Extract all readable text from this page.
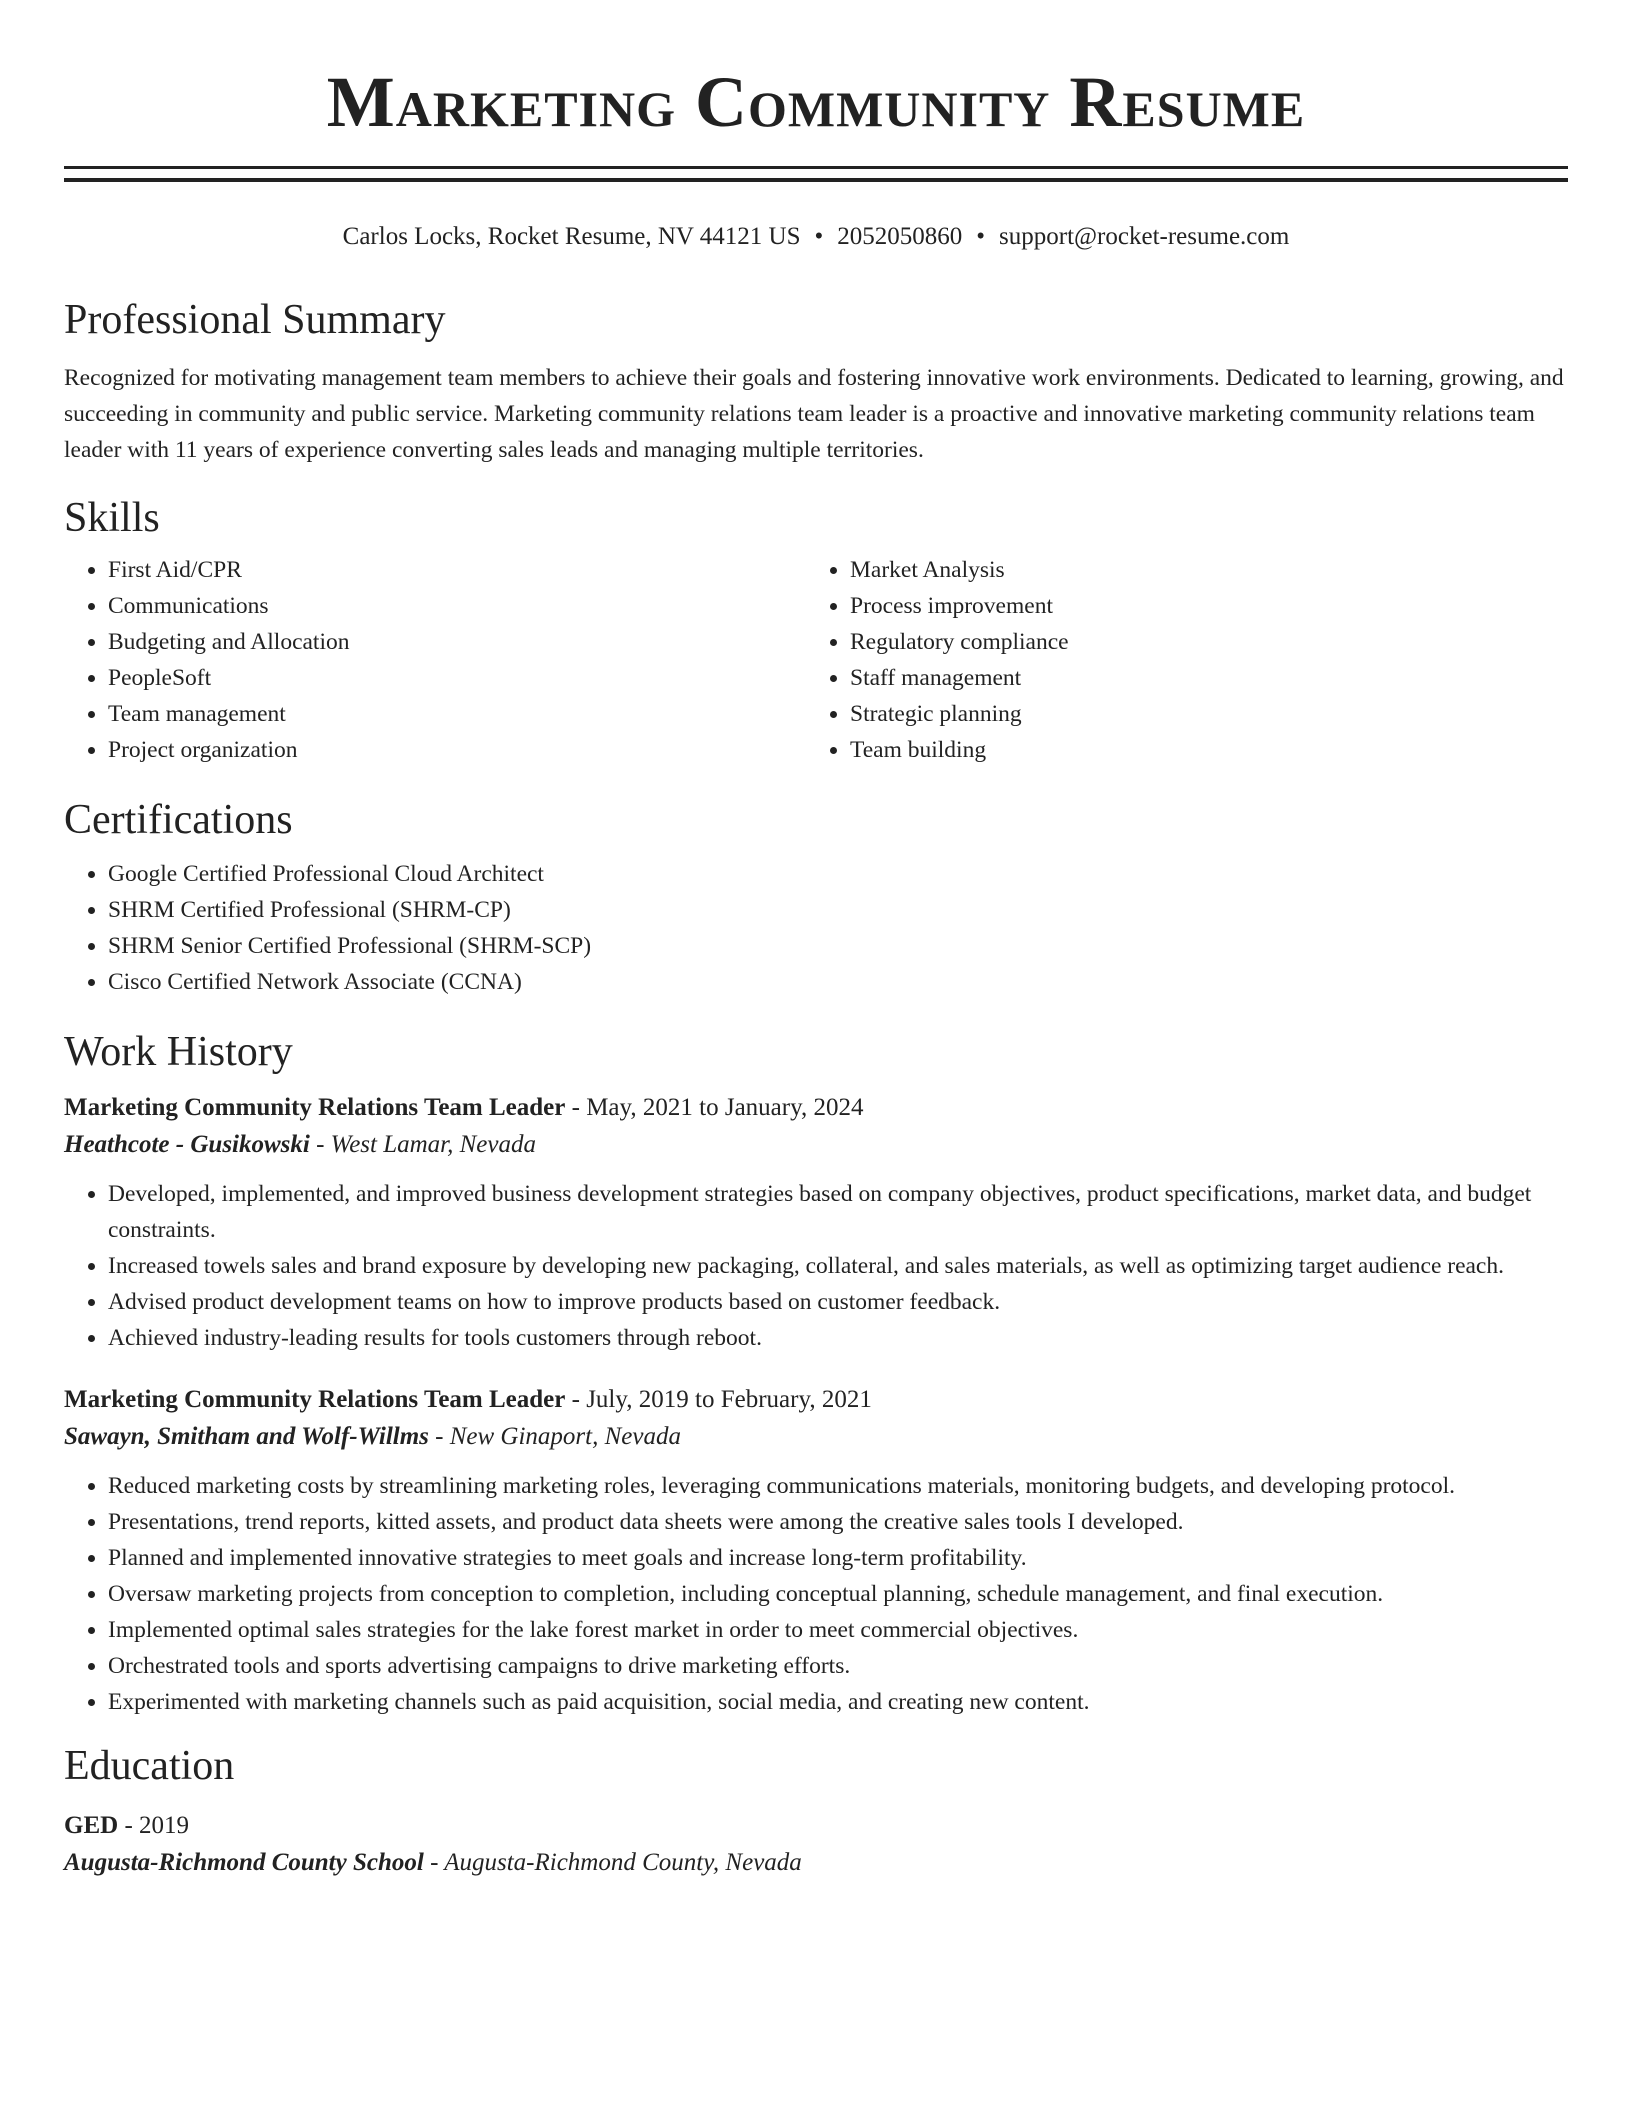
Marketing Community Resume
Carlos Locks, Rocket Resume, NV 44121 US • 2052050860 • support@rocket-resume.com
Professional Summary

Recognized for motivating management team members to achieve their goals and fostering innovative work environments. Dedicated to learning, growing, and succeeding in community and public service. Marketing community relations team leader is a proactive and innovative marketing community relations team leader with 11 years of experience converting sales leads and managing multiple territories.

Skills
• First Aid/CPR
• Communications
• Budgeting and Allocation
• PeopleSoft
• Team management
• Project organization
• Market Analysis
• Process improvement
• Regulatory compliance
• Staff management
• Strategic planning
• Team building
Certifications
• Google Certified Professional Cloud Architect
• SHRM Certified Professional (SHRM-CP)
• SHRM Senior Certified Professional (SHRM-SCP)
• Cisco Certified Network Associate (CCNA)
Work History
Marketing Community Relations Team Leader - May, 2021 to January, 2024
Heathcote - Gusikowski - West Lamar, Nevada
• Developed, implemented, and improved business development strategies based on company objectives, product specifications, market data, and budget constraints.
• Increased towels sales and brand exposure by developing new packaging, collateral, and sales materials, as well as optimizing target audience reach.
• Advised product development teams on how to improve products based on customer feedback.
• Achieved industry-leading results for tools customers through reboot.
Marketing Community Relations Team Leader - July, 2019 to February, 2021
Sawayn, Smitham and Wolf-Willms - New Ginaport, Nevada
• Reduced marketing costs by streamlining marketing roles, leveraging communications materials, monitoring budgets, and developing protocol.
• Presentations, trend reports, kitted assets, and product data sheets were among the creative sales tools I developed.
• Planned and implemented innovative strategies to meet goals and increase long-term profitability.
• Oversaw marketing projects from conception to completion, including conceptual planning, schedule management, and final execution.
• Implemented optimal sales strategies for the lake forest market in order to meet commercial objectives.
• Orchestrated tools and sports advertising campaigns to drive marketing efforts.
• Experimented with marketing channels such as paid acquisition, social media, and creating new content.
Education
GED - 2019
Augusta-Richmond County School - Augusta-Richmond County, Nevada
